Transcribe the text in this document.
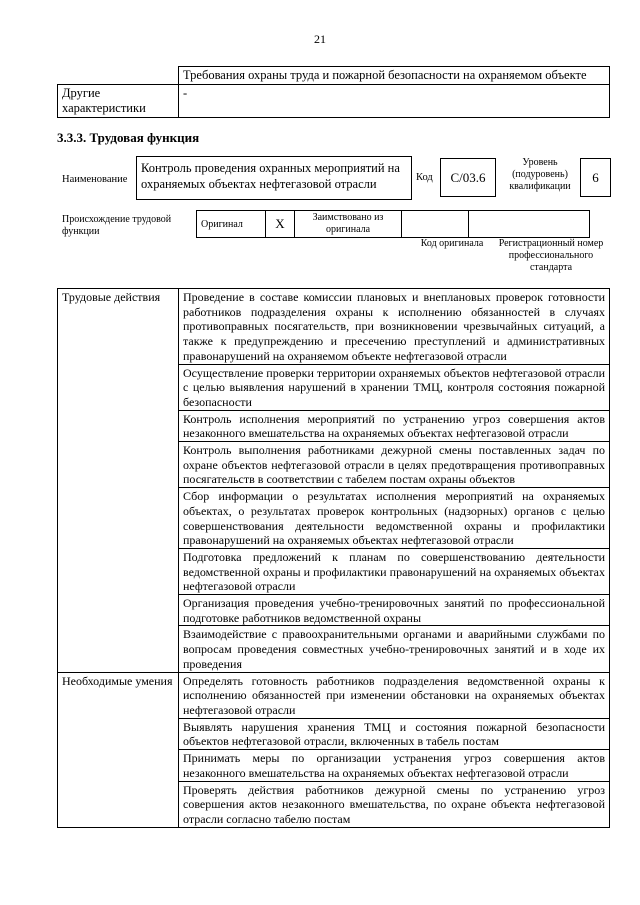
21
	Требования охраны труда и пожарной безопасности на охраняемом объекте
Другие характеристики	-
3.3.3. Трудовая функция
Наименование
Контроль проведения охранных мероприятий на охраняемых объектах нефтегазовой отрасли	Код	С/03.6
Уровень (подуровень) квалификации
6
Происхождение трудовой функции
Оригинал	X	Заимствовано из оригинала		
Код оригинала	Регистрационный номер профессионального стандарта
Трудовые действия	Проведение в составе комиссии плановых и внеплановых проверок готовности работников подразделения охраны к исполнению обязанностей в случаях противоправных посягательств, при возникновении чрезвычайных ситуаций, а также к предупреждению и пресечению преступлений и административных правонарушений на охраняемом объекте нефтегазовой отрасли
	Осуществление проверки территории охраняемых объектов нефтегазовой отрасли с целью выявления нарушений в хранении ТМЦ, контроля состояния пожарной безопасности
	Контроль исполнения мероприятий по устранению угроз совершения актов незаконного вмешательства на охраняемых объектах нефтегазовой отрасли
	Контроль выполнения работниками дежурной смены поставленных задач по охране объектов нефтегазовой отрасли в целях предотвращения противоправных посягательств в соответствии с табелем постам охраны объектов
	Сбор информации о результатах исполнения мероприятий на охраняемых объектах, о результатах проверок контрольных (надзорных) органов с целью совершенствования деятельности ведомственной охраны и профилактики правонарушений на охраняемых объектах нефтегазовой отрасли
	Подготовка предложений к планам по совершенствованию деятельности ведомственной охраны и профилактики правонарушений на охраняемых объектах нефтегазовой отрасли
	Организация проведения учебно-тренировочных занятий по профессиональной подготовке работников ведомственной охраны
	Взаимодействие с правоохранительными органами и аварийными службами по вопросам проведения совместных учебно-тренировочных занятий и в ходе их проведения
Необходимые умения	Определять готовность работников подразделения ведомственной охраны к исполнению обязанностей при изменении обстановки на охраняемых объектах нефтегазовой отрасли
	Выявлять нарушения хранения ТМЦ и состояния пожарной безопасности объектов нефтегазовой отрасли, включенных в табель постам
	Принимать меры по организации устранения угроз совершения актов незаконного вмешательства на охраняемых объектах нефтегазовой отрасли
	Проверять действия работников дежурной смены по устранению угроз совершения актов незаконного вмешательства, по охране объекта нефтегазовой отрасли согласно табелю постам
